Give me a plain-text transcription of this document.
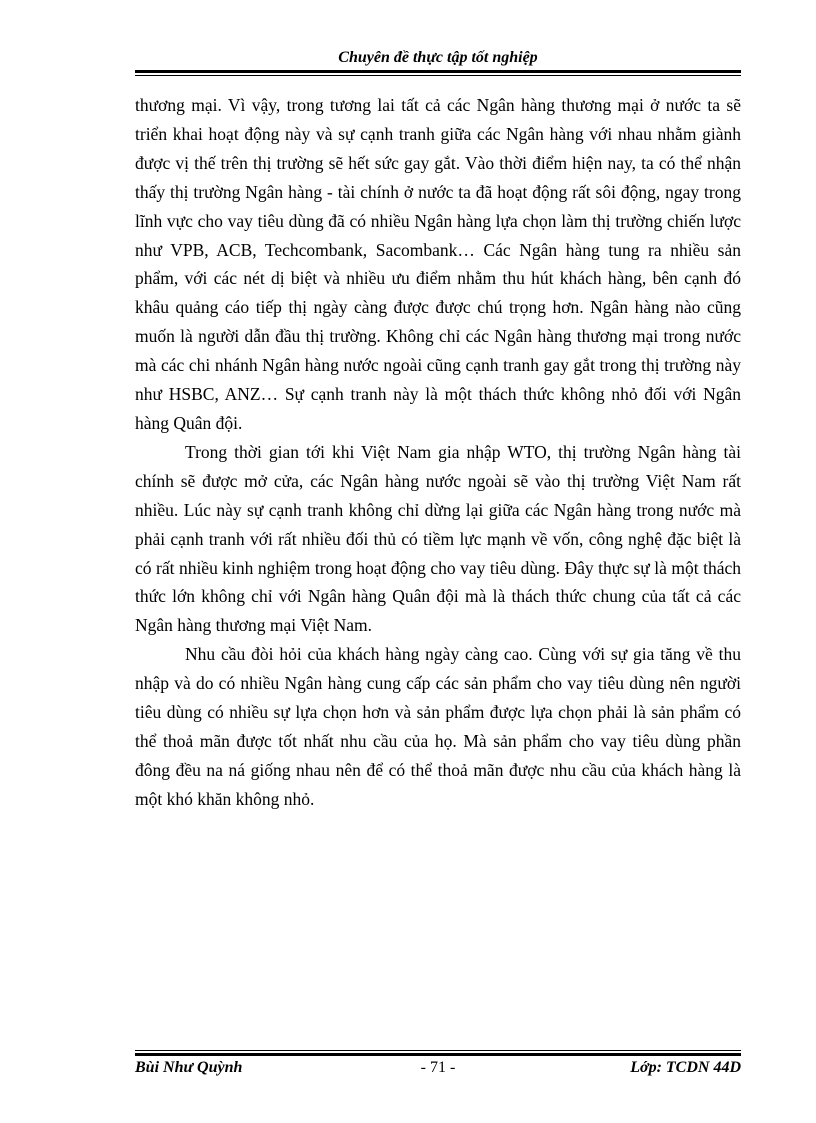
Chuyên đề thực tập tốt nghiệp

thương mại. Vì vậy, trong tương lai tất cả các Ngân hàng thương mại ở nước ta sẽ triển khai hoạt động này và sự cạnh tranh giữa các Ngân hàng với nhau nhằm giành được vị thế trên thị trường sẽ hết sức gay gắt. Vào thời điểm hiện nay, ta có thể nhận thấy thị trường Ngân hàng - tài chính ở nước ta đã hoạt động rất sôi động, ngay trong lĩnh vực cho vay tiêu dùng đã có nhiều Ngân hàng lựa chọn làm thị trường chiến lược như VPB, ACB, Techcombank, Sacombank… Các Ngân hàng tung ra nhiều sản phẩm, với các nét dị biệt và nhiều ưu điểm nhằm thu hút khách hàng, bên cạnh đó khâu quảng cáo tiếp thị ngày càng được được chú trọng hơn. Ngân hàng nào cũng muốn là người dẫn đầu thị trường. Không chỉ các Ngân hàng thương mại trong nước mà các chi nhánh Ngân hàng nước ngoài cũng cạnh tranh gay gắt trong thị trường này như HSBC, ANZ… Sự cạnh tranh này là một thách thức không nhỏ đối với Ngân hàng Quân đội.

Trong thời gian tới khi Việt Nam gia nhập WTO, thị trường Ngân hàng tài chính sẽ được mở cửa, các Ngân hàng nước ngoài sẽ vào thị trường Việt Nam rất nhiều. Lúc này sự cạnh tranh không chỉ dừng lại giữa các Ngân hàng trong nước mà phải cạnh tranh với rất nhiều đối thủ có tiềm lực mạnh về vốn, công nghệ đặc biệt là có rất nhiều kinh nghiệm trong hoạt động cho vay tiêu dùng. Đây thực sự là một thách thức lớn không chỉ với Ngân hàng Quân đội mà là thách thức chung của tất cả các Ngân hàng thương mại Việt Nam.

Nhu cầu đòi hỏi của khách hàng ngày càng cao. Cùng với sự gia tăng về thu nhập và do có nhiều Ngân hàng cung cấp các sản phẩm cho vay tiêu dùng nên người tiêu dùng có nhiều sự lựa chọn hơn và sản phẩm được lựa chọn phải là sản phẩm có thể thoả mãn được tốt nhất nhu cầu của họ. Mà sản phẩm cho vay tiêu dùng phần đông đều na ná giống nhau nên để có thể thoả mãn được nhu cầu của khách hàng là một khó khăn không nhỏ.

- 71 -
Bùi Như Quỳnh	Lớp: TCDN 44D
